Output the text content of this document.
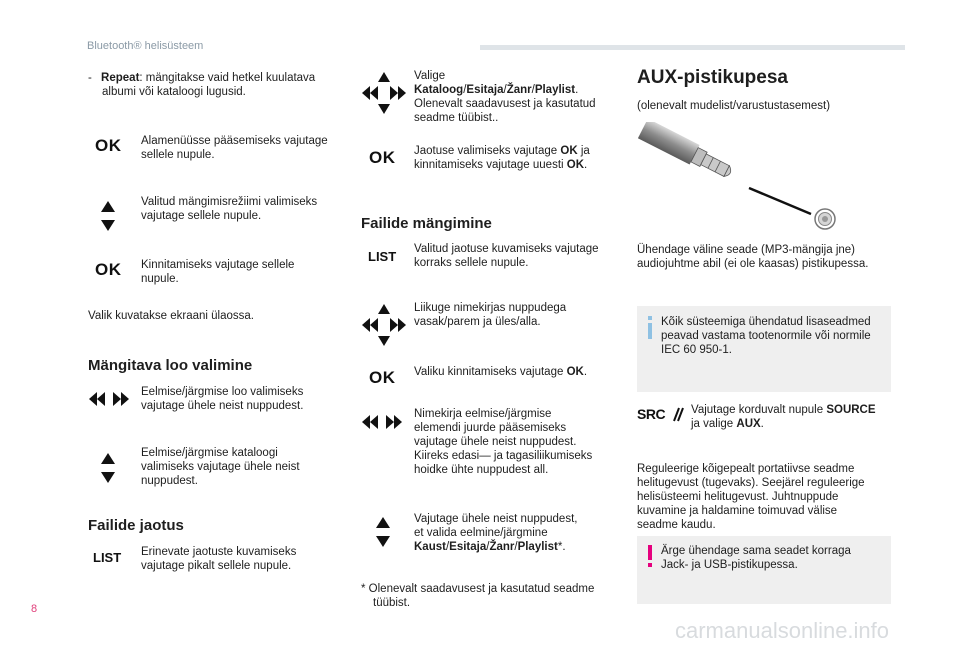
Bluetooth® helisüsteem
- Repeat: mängitakse vaid hetkel kuulatava
albumi või kataloogi lugusid.
OK Alamenüüsse pääsemiseks vajutage
sellele nupule.
Valitud mängimisrežiimi valimiseks
vajutage sellele nupule.
OK Kinnitamiseks vajutage sellele
nupule.
Valik kuvatakse ekraani ülaossa.
Mängitava loo valimine
Eelmise/järgmise loo valimiseks
vajutage ühele neist nuppudest.
Eelmise/järgmise kataloogi
valimiseks vajutage ühele neist
nuppudest.
Failide jaotus
LIST Erinevate jaotuste kuvamiseks
vajutage pikalt sellele nupule.
Valige
Kataloog/Esitaja/Žanr/Playlist.
Olenevalt saadavusest ja kasutatud
seadme tüübist..
OK Jaotuse valimiseks vajutage OK ja
kinnitamiseks vajutage uuesti OK.
Failide mängimine
LIST Valitud jaotuse kuvamiseks vajutage
korraks sellele nupule.
Liikuge nimekirjas nuppudega
vasak/parem ja üles/alla.
OK Valiku kinnitamiseks vajutage OK.
Nimekirja eelmise/järgmise
elemendi juurde pääsemiseks
vajutage ühele neist nuppudest.
Kiireks edasi— ja tagasiliikumiseks
hoidke ühte nuppudest all.
Vajutage ühele neist nuppudest,
et valida eelmine/järgmine
Kaust/Esitaja/Žanr/Playlist*.
* Olenevalt saadavusest ja kasutatud seadme
tüübist.
AUX-pistikupesa
(olenevalt mudelist/varustustasemest)
Ühendage väline seade (MP3-mängija jne)
audiojuhtme abil (ei ole kaasas) pistikupessa.
Kõik süsteemiga ühendatud lisaseadmed
peavad vastama tootenormile või normile
IEC 60 950-1.
SRC	Vajutage korduvalt nupule SOURCE
ja valige AUX.
Reguleerige kõigepealt portatiivse seadme
helitugevust (tugevaks). Seejärel reguleerige
helisüsteemi helitugevust. Juhtnuppude
kuvamine ja haldamine toimuvad välise
seadme kaudu.
Ärge ühendage sama seadet korraga
Jack- ja USB-pistikupessa.
8
carmanualsonline.info
